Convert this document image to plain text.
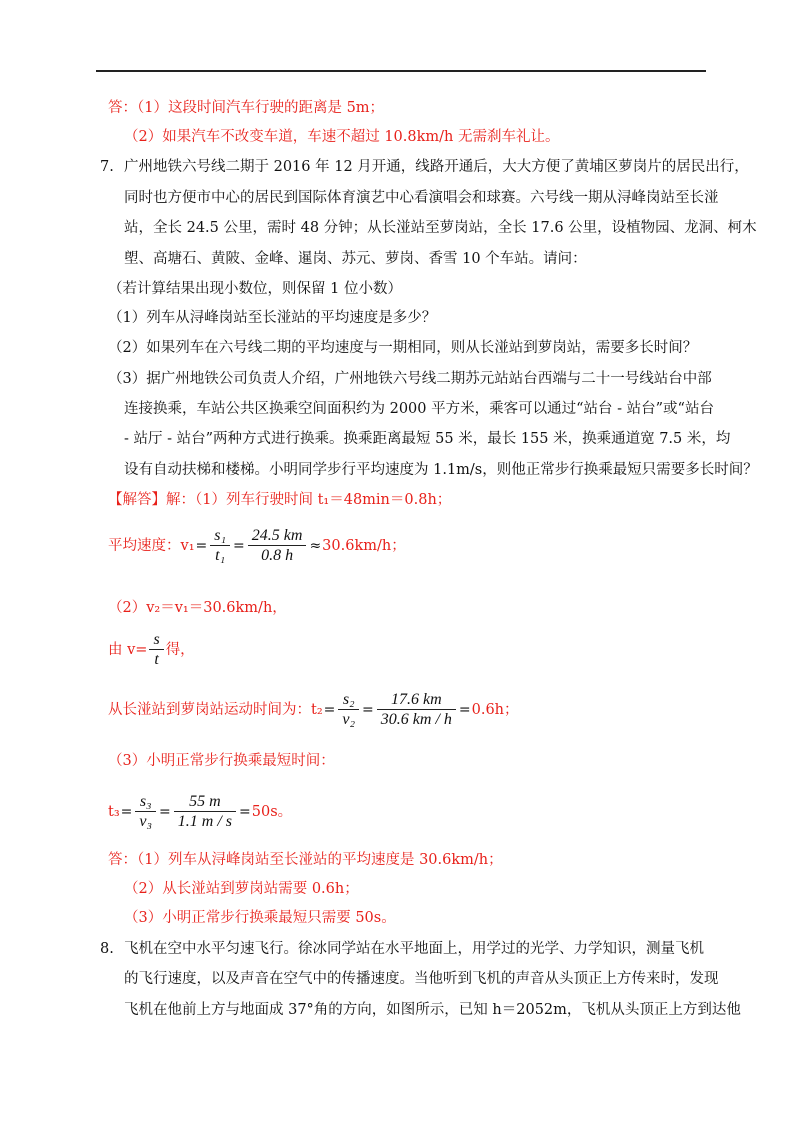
答：（1）这段时间汽车行驶的距离是 5m；
（2）如果汽车不改变车道，车速不超过 10.8km/h 无需刹车礼让。
7. 广州地铁六号线二期于 2016 年 12 月开通，线路开通后，大大方便了黄埔区萝岗片的居民出行，
同时也方便市中心的居民到国际体育演艺中心看演唱会和球赛。六号线一期从浔峰岗站至长湴
站，全长 24.5 公里，需时 48 分钟；从长湴站至萝岗站，全长 17.6 公里，设植物园、龙洞、柯木
塱、高塘石、黄陂、金峰、暹岗、苏元、萝岗、香雪 10 个车站。请问：
（若计算结果出现小数位，则保留 1 位小数）
（1）列车从浔峰岗站至长湴站的平均速度是多少？
（2）如果列车在六号线二期的平均速度与一期相同，则从长湴站到萝岗站，需要多长时间？
（3）据广州地铁公司负责人介绍，广州地铁六号线二期苏元站站台西端与二十一号线站台中部
连接换乘，车站公共区换乘空间面积约为 2000 平方米，乘客可以通过“站台 - 站台”或“站台
- 站厅 - 站台”两种方式进行换乘。换乘距离最短 55 米，最长 155 米，换乘通道宽 7.5 米，均
设有自动扶梯和楼梯。小明同学步行平均速度为 1.1m/s，则他正常步行换乘最短只需要多长时间？
【解答】解：（1）列车行驶时间 t₁＝48min＝0.8h；
平均速度：$v_1 = \frac{\text{s₁}}{\text{t₁}} = \frac{24.5 km}{0.8 h} \approx 30.6km/h$；
（2）v₂＝v₁＝30.6km/h，
由 $v= \frac{s}{t}$ 得，
从长湴站到萝岗站运动时间为：$t_2 = \frac{\text{s₂}}{\text{v₂}} = \frac{17.6 km}{30.6 km / h} = 0.6h$；
（3）小明正常步行换乘最短时间：
$t_3 = \frac{\text{s₃}}{\text{v₃}} = \frac{55 m}{1.1 m / s} = 50s$。
答：（1）列车从浔峰岗站至长湴站的平均速度是 30.6km/h；
（2）从长湴站到萝岗站需要 0.6h；
（3）小明正常步行换乘最短只需要 50s。
8. 飞机在空中水平匀速飞行。徐冰同学站在水平地面上，用学过的光学、力学知识，测量飞机
的飞行速度，以及声音在空气中的传播速度。当他听到飞机的声音从头顶正上方传来时，发现
飞机在他前上方与地面成 37°角的方向，如图所示，已知 h＝2052m，飞机从头顶正上方到达他
